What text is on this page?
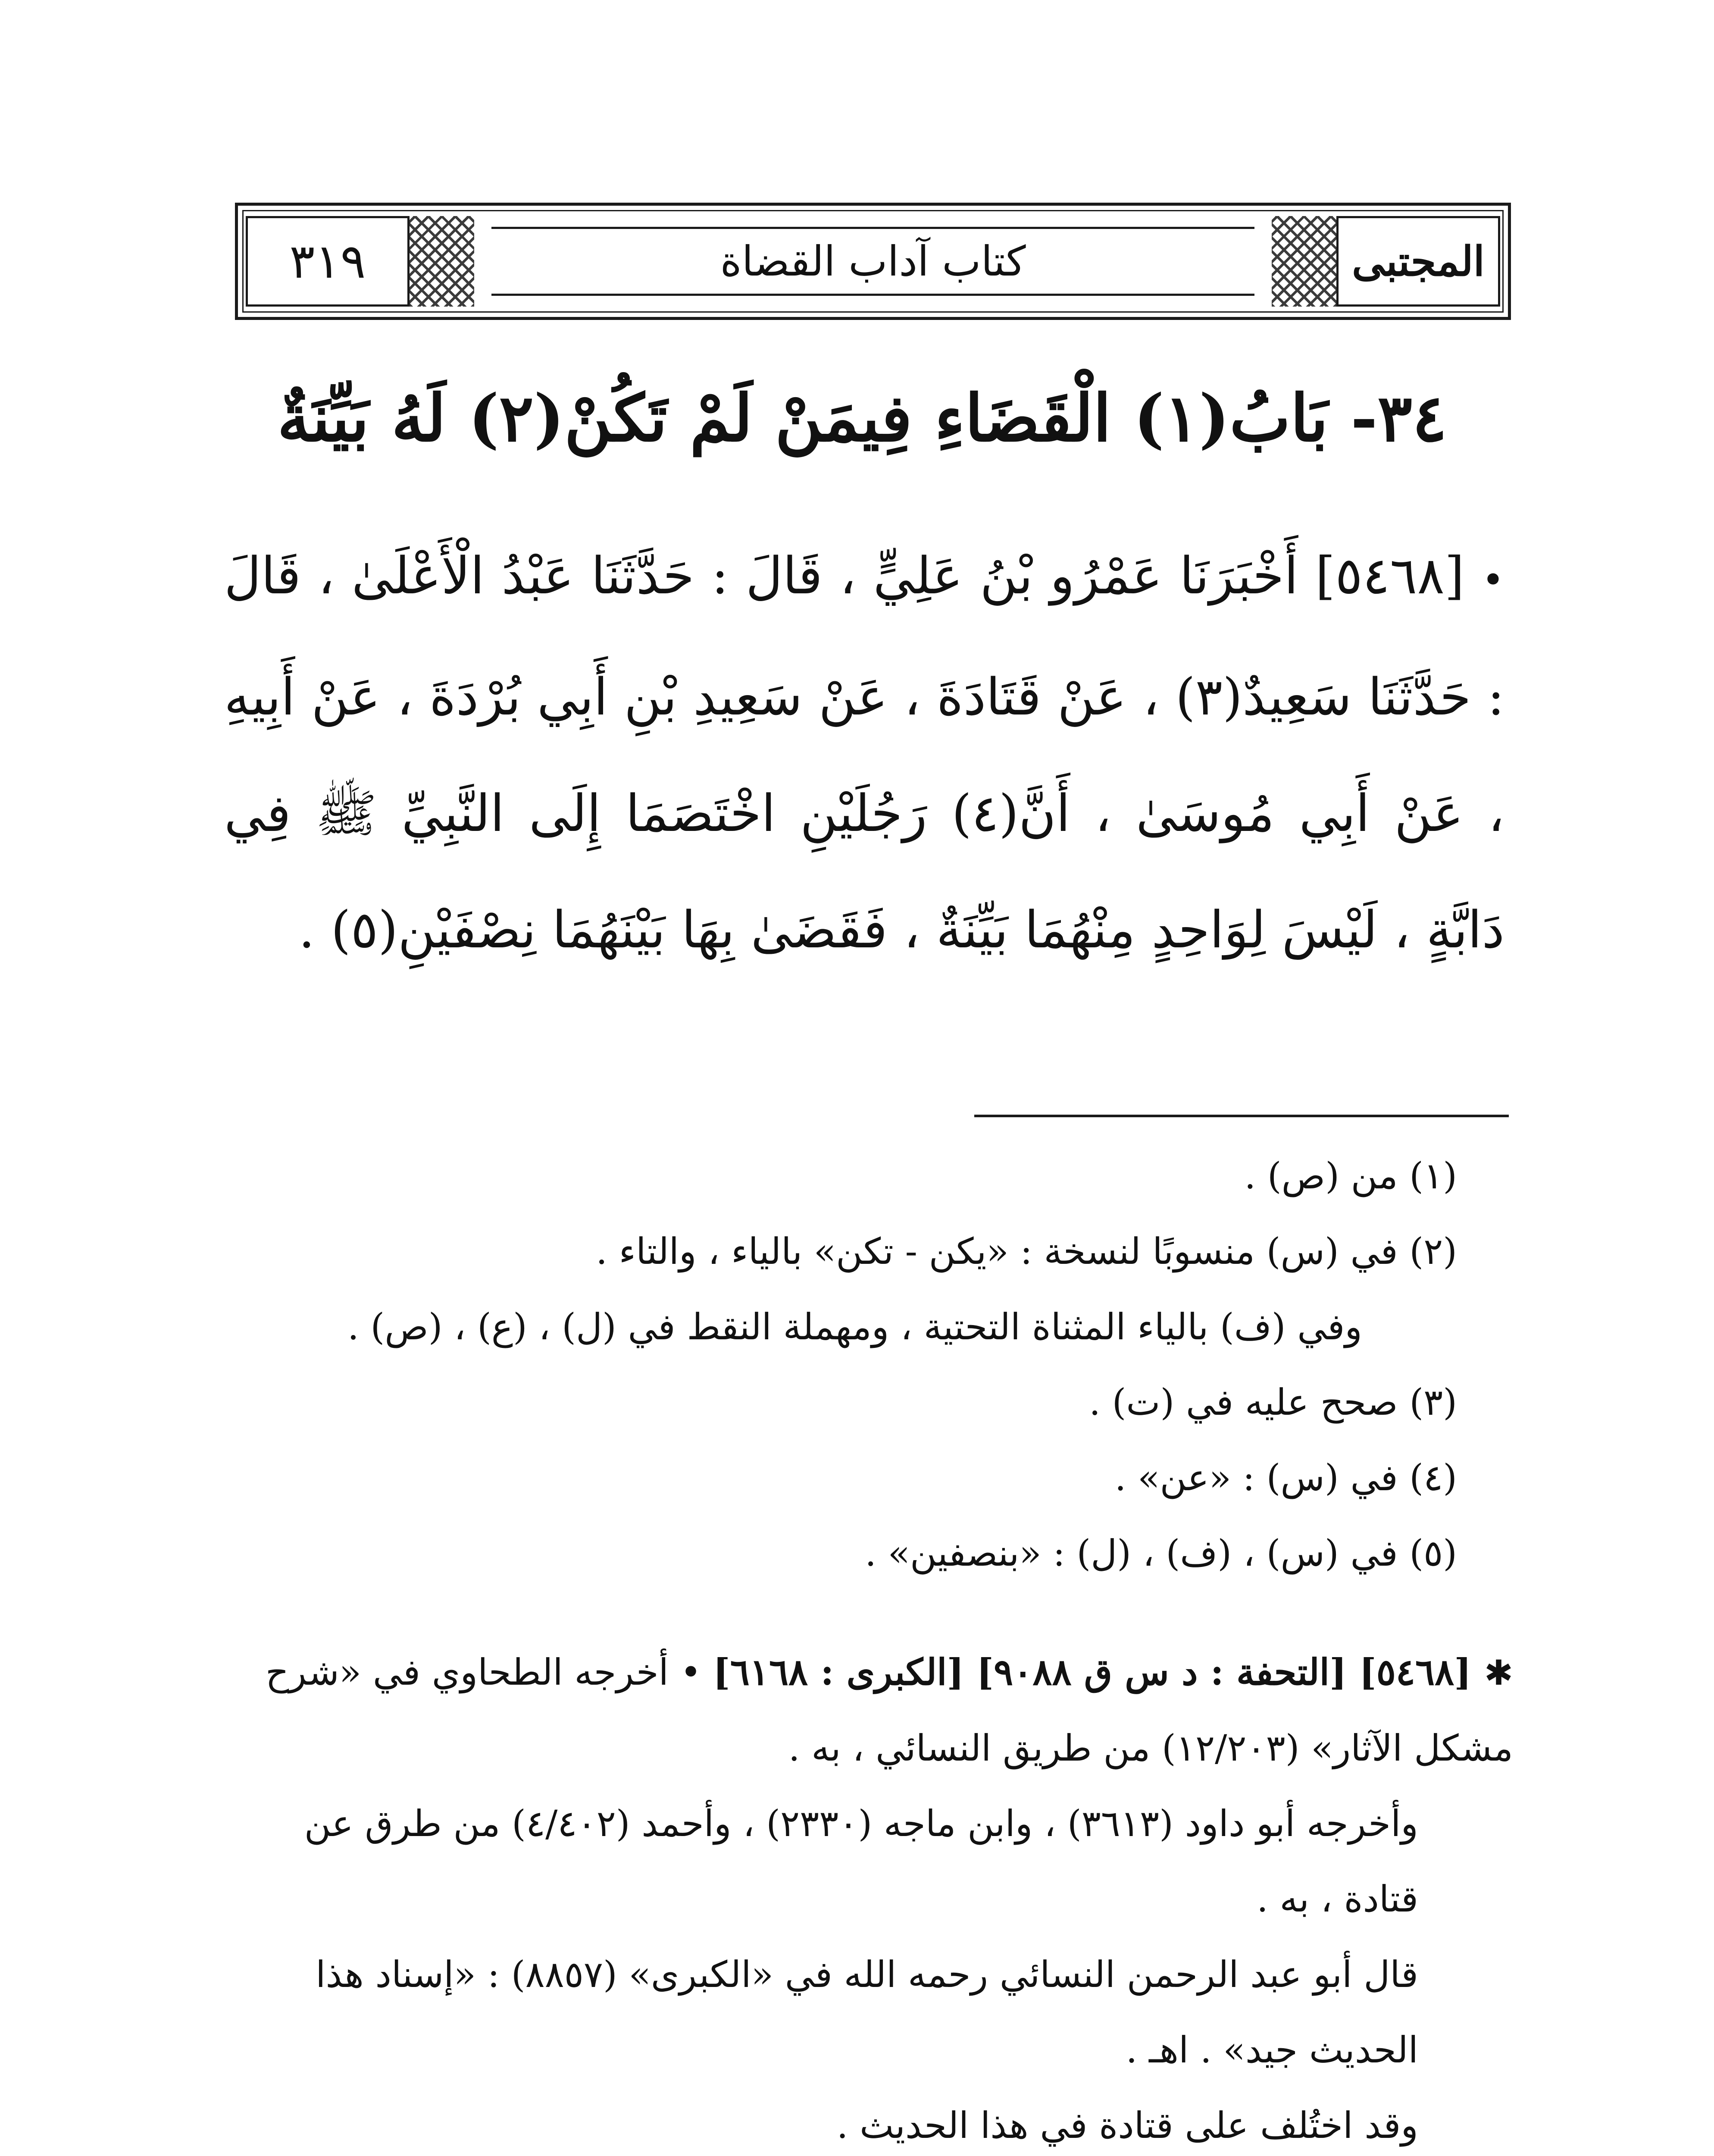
المجتبى
كتاب آداب القضاة
٣١٩
٣٤- بَابُ(١) الْقَضَاءِ فِيمَنْ لَمْ تَكُنْ(٢) لَهُ بَيِّنَةٌ
•[٥٤٦٨] أَخْبَرَنَا عَمْرُو بْنُ عَلِيٍّ ، قَالَ : حَدَّثَنَا عَبْدُ الْأَعْلَىٰ ، قَالَ : حَدَّثَنَا سَعِيدٌ(٣) ، عَنْ قَتَادَةَ ، عَنْ سَعِيدِ بْنِ أَبِي بُرْدَةَ ، عَنْ أَبِيهِ ، عَنْ أَبِي مُوسَىٰ ، أَنَّ(٤) رَجُلَيْنِ اخْتَصَمَا إِلَى النَّبِيِّ ﷺ فِي دَابَّةٍ ، لَيْسَ لِوَاحِدٍ مِنْهُمَا بَيِّنَةٌ ، فَقَضَىٰ بِهَا بَيْنَهُمَا نِصْفَيْنِ(٥) .

(١) من (ص) .

(٢) في (س) منسوبًا لنسخة : «يكن - تكن» بالياء ، والتاء .

وفي (ف) بالياء المثناة التحتية ، ومهملة النقط في (ل) ، (ع) ، (ص) .

(٣) صحح عليه في (ت) .

(٤) في (س) : «عن» .

(٥) في (س) ، (ف) ، (ل) : «بنصفين» .

✱[٥٤٦٨] [التحفة : د س ق ٩٠٨٨] [الكبرى : ٦١٦٨] • أخرجه الطحاوي في «شرح مشكل الآثار» (١٢/٢٠٣) من طريق النسائي ، به .

وأخرجه أبو داود (٣٦١٣) ، وابن ماجه (٢٣٣٠) ، وأحمد (٤/٤٠٢) من طرق عن قتادة ، به .

قال أبو عبد الرحمن النسائي رحمه الله في «الكبرى» (٨٨٥٧) : «إسناد هذا الحديث جيد» . اهـ .

وقد اختُلف على قتادة في هذا الحديث .
